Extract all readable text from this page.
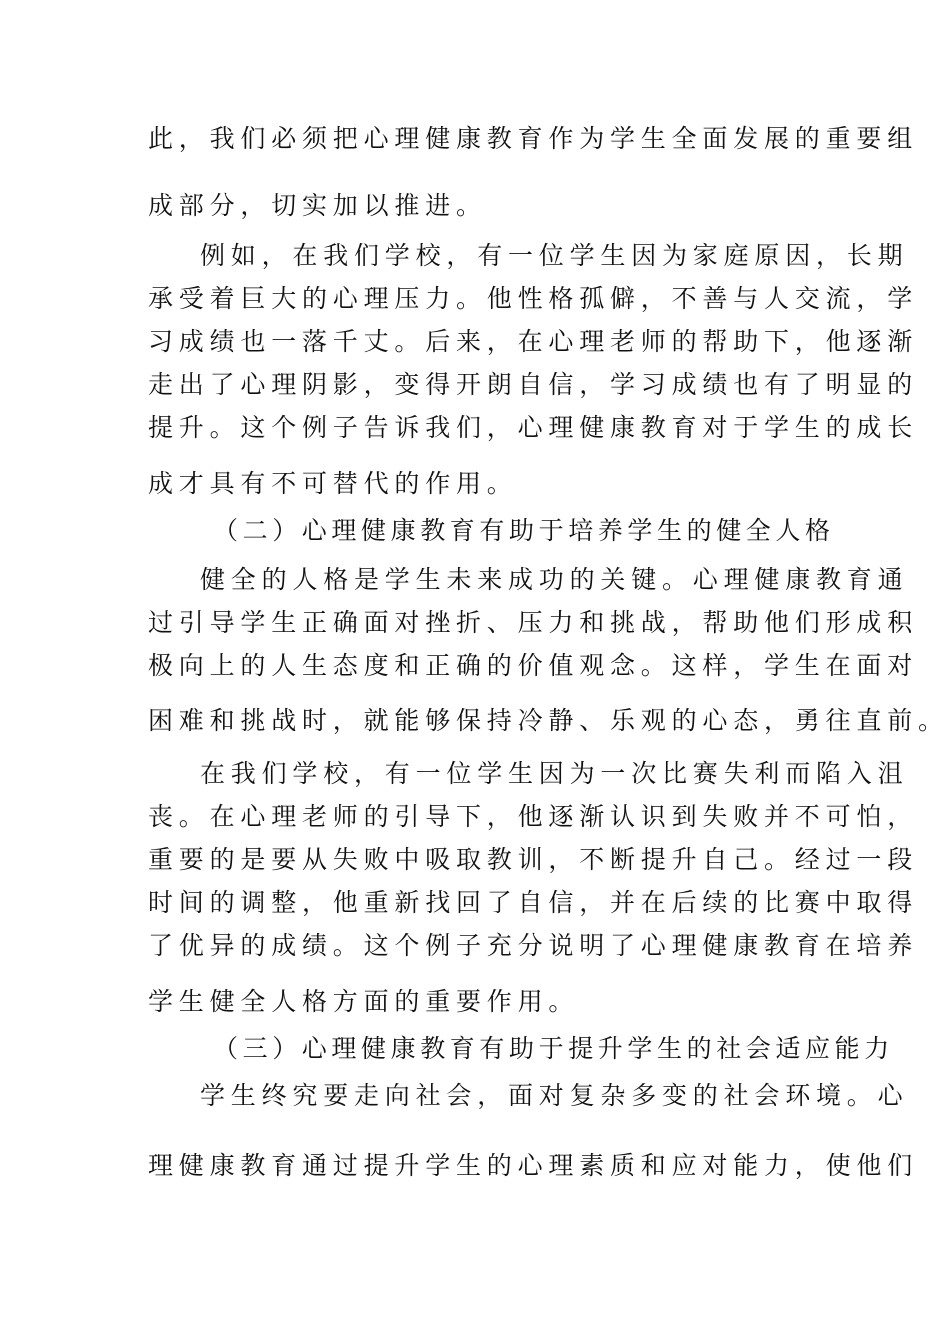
此，我们必须把心理健康教育作为学生全面发展的重要组
成部分，切实加以推进。
例如，在我们学校，有一位学生因为家庭原因，长期
承受着巨大的心理压力。他性格孤僻，不善与人交流，学
习成绩也一落千丈。后来，在心理老师的帮助下，他逐渐
走出了心理阴影，变得开朗自信，学习成绩也有了明显的
提升。这个例子告诉我们，心理健康教育对于学生的成长
成才具有不可替代的作用。
（二）心理健康教育有助于培养学生的健全人格
健全的人格是学生未来成功的关键。心理健康教育通
过引导学生正确面对挫折、压力和挑战，帮助他们形成积
极向上的人生态度和正确的价值观念。这样，学生在面对
困难和挑战时，就能够保持冷静、乐观的心态，勇往直前。
在我们学校，有一位学生因为一次比赛失利而陷入沮
丧。在心理老师的引导下，他逐渐认识到失败并不可怕，
重要的是要从失败中吸取教训，不断提升自己。经过一段
时间的调整，他重新找回了自信，并在后续的比赛中取得
了优异的成绩。这个例子充分说明了心理健康教育在培养
学生健全人格方面的重要作用。
（三）心理健康教育有助于提升学生的社会适应能力
学生终究要走向社会，面对复杂多变的社会环境。心
理健康教育通过提升学生的心理素质和应对能力，使他们
